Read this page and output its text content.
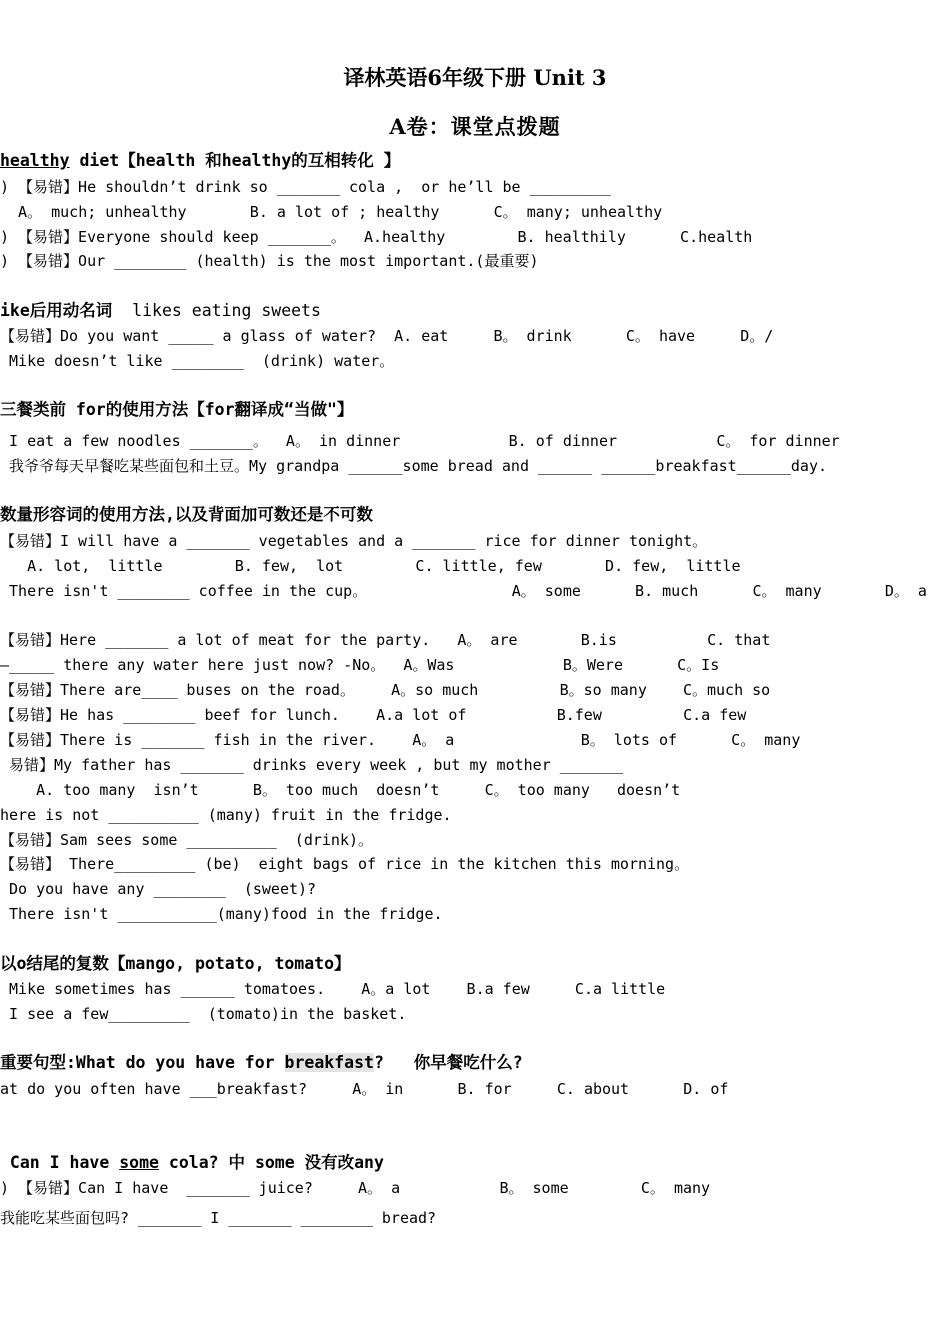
译林英语6年级下册 Unit 3
A卷：课堂点拨题
healthy diet【health 和healthy的互相转化 】
) 【易错】He shouldn’t drink so _______ cola ,  or he’ll be _________
A。 much; unhealthy       B. a lot of ; healthy      C。 many; unhealthy
) 【易错】Everyone should keep _______。  A.healthy        B. healthily      C.health
) 【易错】Our ________ (health) is the most important.(最重要)
ike后用动名词  likes eating sweets
【易错】Do you want _____ a glass of water?  A. eat     B。 drink      C。 have     D。/
Mike doesn’t like ________  (drink) water。
三餐类前 for的使用方法【for翻译成“当做"】
I eat a few noodles _______。  A。 in dinner            B. of dinner           C。 for dinner
我爷爷每天早餐吃某些面包和土豆。My grandpa ______some bread and ______ ______breakfast______day.
数量形容词的使用方法,以及背面加可数还是不可数
【易错】I will have a _______ vegetables and a _______ rice for dinner tonight。
A. lot,  little        B. few,  lot        C. little, few       D. few,  little
There isn't ________ coffee in the cup。                A。 some      B. much      C。 many       D。 a
【易错】Here _______ a lot of meat for the party.   A。 are       B.is          C. that
—_____ there any water here just now? -No。  A。Was            B。Were      C。Is
【易错】There are____ buses on the road。    A。so much         B。so many    C。much so
【易错】He has ________ beef for lunch.    A.a lot of          B.few         C.a few
【易错】There is _______ fish in the river.    A。 a              B。 lots of      C。 many
易错】My father has _______ drinks every week , but my mother _______
A. too many  isn’t      B。 too much  doesn’t     C。 too many   doesn’t
here is not __________ (many) fruit in the fridge.
【易错】Sam sees some __________  (drink)。
【易错】 There_________ (be)  eight bags of rice in the kitchen this morning。
Do you have any ________  (sweet)?
There isn't ___________(many)food in the fridge.
以o结尾的复数【mango, potato, tomato】
Mike sometimes has ______ tomatoes.    A。a lot    B.a few     C.a little
I see a few_________  (tomato)in the basket.
重要句型:What do you have for breakfast?   你早餐吃什么?
at do you often have ___breakfast?     A。 in      B. for     C. about      D. of
Can I have some cola? 中 some 没有改any
) 【易错】Can I have  _______ juice?     A。 a           B。 some        C。 many
我能吃某些面包吗? _______ I _______ ________ bread?
